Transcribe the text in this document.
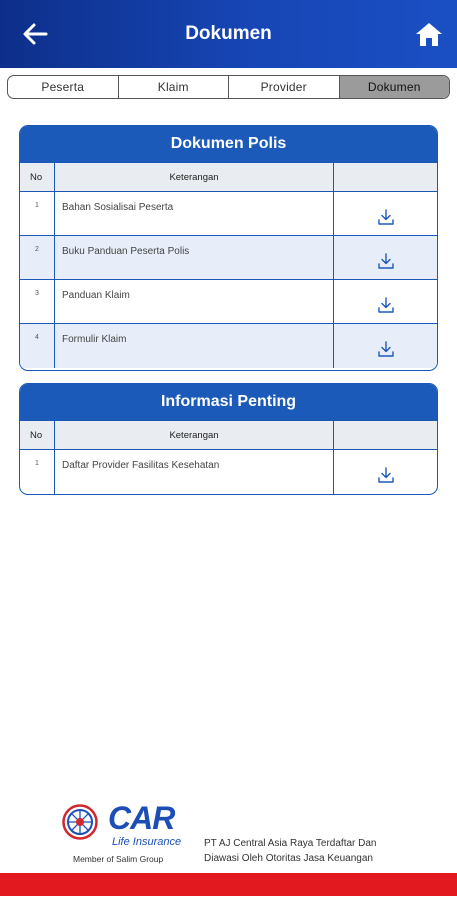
Dokumen
Peserta	Klaim	Provider	Dokumen
Dokumen Polis
No	Keterangan
1	Bahan Sosialisai Peserta
2	Buku Panduan Peserta Polis
3	Panduan Klaim
4	Formulir Klaim
Informasi Penting
No	Keterangan
1	Daftar Provider Fasilitas Kesehatan
CAR
Life Insurance
Member of Salim Group
PT AJ Central Asia Raya Terdaftar Dan
Diawasi Oleh Otoritas Jasa Keuangan
